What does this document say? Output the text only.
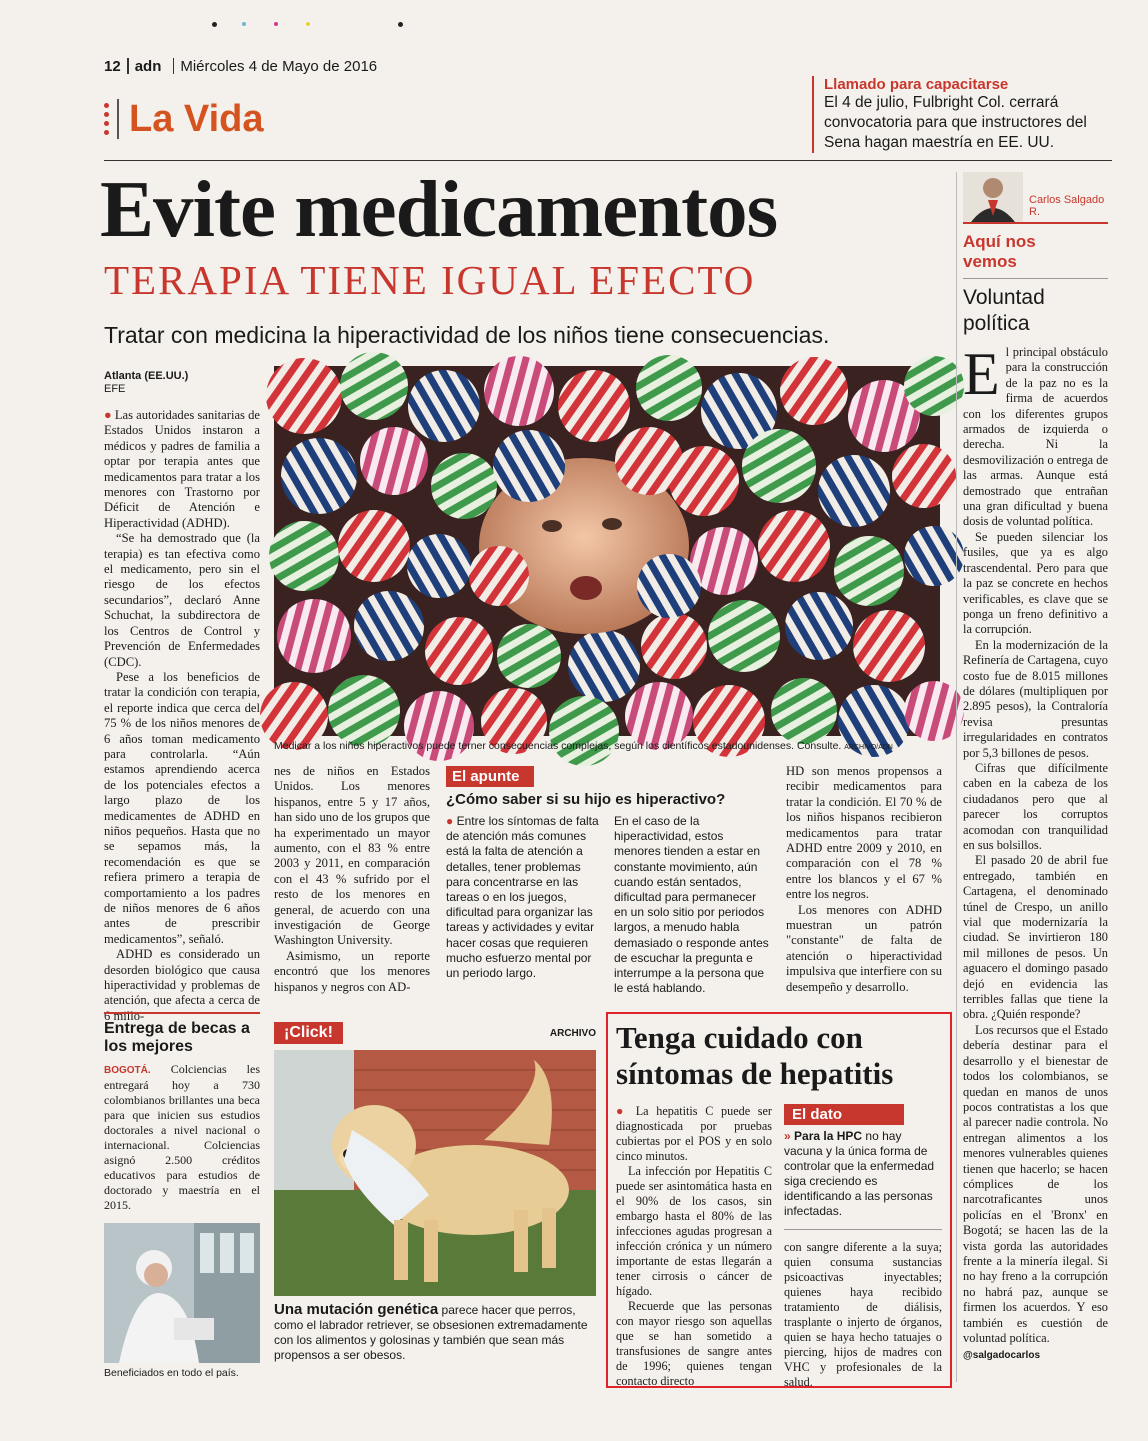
12 adn Miércoles 4 de Mayo de 2016
La Vida
Llamado para capacitarse
El 4 de julio, Fulbright Col. cerrará convocatoria para que instructores del Sena hagan maestría en EE. UU.
Evite medicamentos
TERAPIA TIENE IGUAL EFECTO
Tratar con medicina la hiperactividad de los niños tiene consecuencias.
Atlanta (EE.UU.)
EFE

● Las autoridades sanitarias de Estados Unidos instaron a médicos y padres de familia a optar por terapia antes que medicamentos para tratar a los menores con Trastorno por Déficit de Atención e Hiperactividad (ADHD).

“Se ha demostrado que (la terapia) es tan efectiva como el medicamento, pero sin el riesgo de los efectos secundarios”, declaró Anne Schuchat, la subdirectora de los Centros de Control y Prevención de Enfermedades (CDC).

Pese a los beneficios de tratar la condición con terapia, el reporte indica que cerca del 75 % de los niños menores de 6 años toman medicamento para controlarla. “Aún estamos aprendiendo acerca de los potenciales efectos a largo plazo de los medicamentes de ADHD en niños pequeños. Hasta que no se sepamos más, la recomendación es que se refiera primero a terapia de comportamiento a los padres de niños menores de 6 años antes de prescribir medicamentos”, señaló.

ADHD es considerado un desorden biológico que causa hiperactividad y problemas de atención, que afecta a cerca de 6 millo-

Medicar a los niños hiperactivos puede terner consecuencias complejas, según los científicos estadounidenses. Consulte. ARCHIVO/ADN

nes de niños en Estados Unidos. Los menores hispanos, entre 5 y 17 años, han sido uno de los grupos que ha experimentado un mayor aumento, con el 83 % entre 2003 y 2011, en comparación con el 43 % sufrido por el resto de los menores en general, de acuerdo con una investigación de George Washington University.

Asimismo, un reporte encontró que los menores hispanos y negros con AD-

El apunte
¿Cómo saber si su hijo es hiperactivo?
● Entre los síntomas de falta de atención más comunes está la falta de atención a detalles, tener problemas para concentrarse en las tareas o en los juegos, dificultad para organizar las tareas y actividades y evitar hacer cosas que requieren mucho esfuerzo mental por un periodo largo.
En el caso de la hiperactividad, estos menores tienden a estar en constante movimiento, aún cuando están sentados, dificultad para permanecer en un solo sitio por periodos largos, a menudo habla demasiado o responde antes de escuchar la pregunta e interrumpe a la persona que le está hablando.

HD son menos propensos a recibir medicamentos para tratar la condición. El 70 % de los niños hispanos recibieron medicamentos para tratar ADHD entre 2009 y 2010, en comparación con el 78 % entre los blancos y el 67 % entre los negros.

Los menores con ADHD muestran un patrón "constante" de falta de atención o hiperactividad impulsiva que interfiere con su desempeño y desarrollo.

Carlos Salgado R.
Aquí nos vemos
Voluntad política

El principal obstáculo para la construcción de la paz no es la firma de acuerdos con los diferentes grupos armados de izquierda o derecha. Ni la desmovilización o entrega de las armas. Aunque está demostrado que entrañan una gran dificultad y buena dosis de voluntad política.

Se pueden silenciar los fusiles, que ya es algo trascendental. Pero para que la paz se concrete en hechos verificables, es clave que se ponga un freno definitivo a la corrupción.

En la modernización de la Refinería de Cartagena, cuyo costo fue de 8.015 millones de dólares (multipliquen por 2.895 pesos), la Contraloría revisa presuntas irregularidades en contratos por 5,3 billones de pesos.

Cifras que difícilmente caben en la cabeza de los ciudadanos pero que al parecer los corruptos acomodan con tranquilidad en sus bolsillos.

El pasado 20 de abril fue entregado, también en Cartagena, el denominado túnel de Crespo, un anillo vial que modernizaría la ciudad. Se invirtieron 180 mil millones de pesos. Un aguacero el domingo pasado dejó en evidencia las terribles fallas que tiene la obra. ¿Quién responde?

Los recursos que el Estado debería destinar para el desarrollo y el bienestar de todos los colombianos, se quedan en manos de unos pocos contratistas a los que al parecer nadie controla. No entregan alimentos a los menores vulnerables quienes tienen que hacerlo; se hacen cómplices de los narcotraficantes unos policías en el 'Bronx' en Bogotá; se hacen las de la vista gorda las autoridades frente a la minería ilegal. Si no hay freno a la corrupción no habrá paz, aunque se firmen los acuerdos. Y eso también es cuestión de voluntad política.

@salgadocarlos

Entrega de becas a los mejores
BOGOTÁ. Colciencias les entregará hoy a 730 colombianos brillantes una beca para que inicien sus estudios doctorales a nivel nacional o internacional. Colciencias asignó 2.500 créditos educativos para estudios de doctorado y maestría en el 2015.
Beneficiados en todo el país.
¡Click!	ARCHIVO
Una mutación genética parece hacer que perros, como el labrador retriever, se obsesionen extremadamente con los alimentos y golosinas y también que sean más propensos a ser obesos.
Tenga cuidado con síntomas de hepatitis

● La hepatitis C puede ser diagnosticada por pruebas cubiertas por el POS y en solo cinco minutos.

La infección por Hepatitis C puede ser asintomática hasta en el 90% de los casos, sin embargo hasta el 80% de las infecciones agudas progresan a infección crónica y un número importante de estas llegarán a tener cirrosis o cáncer de hígado.

Recuerde que las personas con mayor riesgo son aquellas que se han sometido a transfusiones de sangre antes de 1996; quienes tengan contacto directo

El dato
» Para la HPC no hay vacuna y la única forma de controlar que la enfermedad siga creciendo es identificando a las personas infectadas.
con sangre diferente a la suya; quien consuma sustancias psicoactivas inyectables; quienes haya recibido tratamiento de diálisis, trasplante o injerto de órganos, quien se haya hecho tatuajes o piercing, hijos de madres con VHC y profesionales de la salud.
